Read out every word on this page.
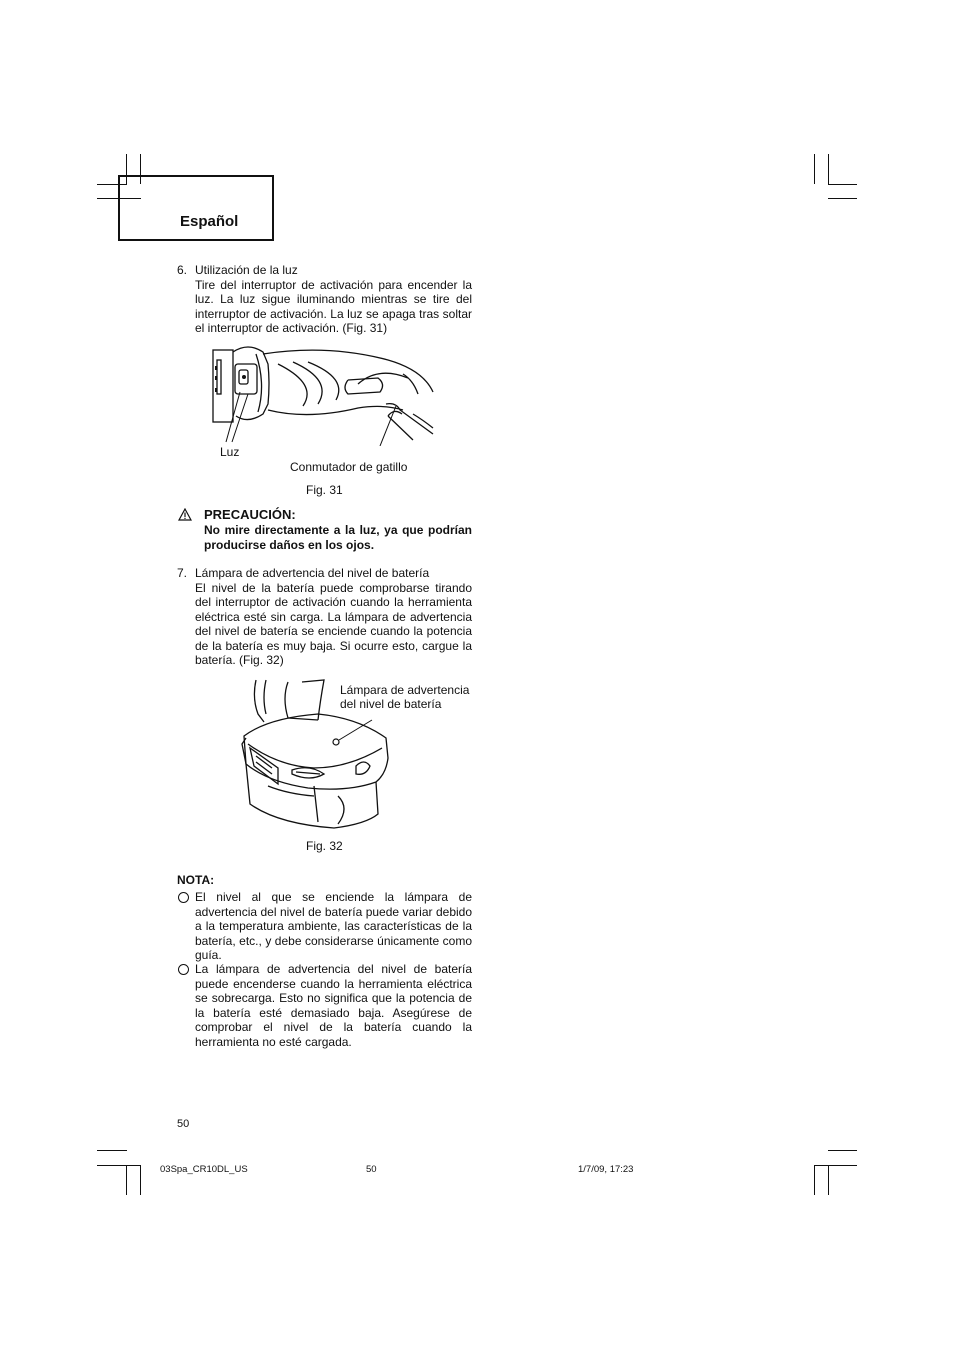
Español
6. Utilización de la luz
Tire del interruptor de activación para encender la luz. La luz sigue iluminando mientras se tire del interruptor de activación. La luz se apaga tras soltar el interruptor de activación. (Fig. 31)
Luz
Conmutador de gatillo
Fig. 31
PRECAUCIÓN:
No mire directamente a la luz, ya que podrían producirse daños en los ojos.
7. Lámpara de advertencia del nivel de batería
El nivel de la batería puede comprobarse tirando del interruptor de activación cuando la herramienta eléctrica esté sin carga. La lámpara de advertencia del nivel de batería se enciende cuando la potencia de la batería es muy baja. Si ocurre esto, cargue la batería. (Fig. 32)
Lámpara de advertencia
del nivel de batería
Fig. 32
NOTA:
El nivel al que se enciende la lámpara de advertencia del nivel de batería puede variar debido a la temperatura ambiente, las características de la batería, etc., y debe considerarse únicamente como guía.
La lámpara de advertencia del nivel de batería puede encenderse cuando la herramienta eléctrica se sobrecarga. Esto no significa que la potencia de la batería esté demasiado baja. Asegúrese de comprobar el nivel de la batería cuando la herramienta no esté cargada.
50
03Spa_CR10DL_US	50	1/7/09, 17:23
